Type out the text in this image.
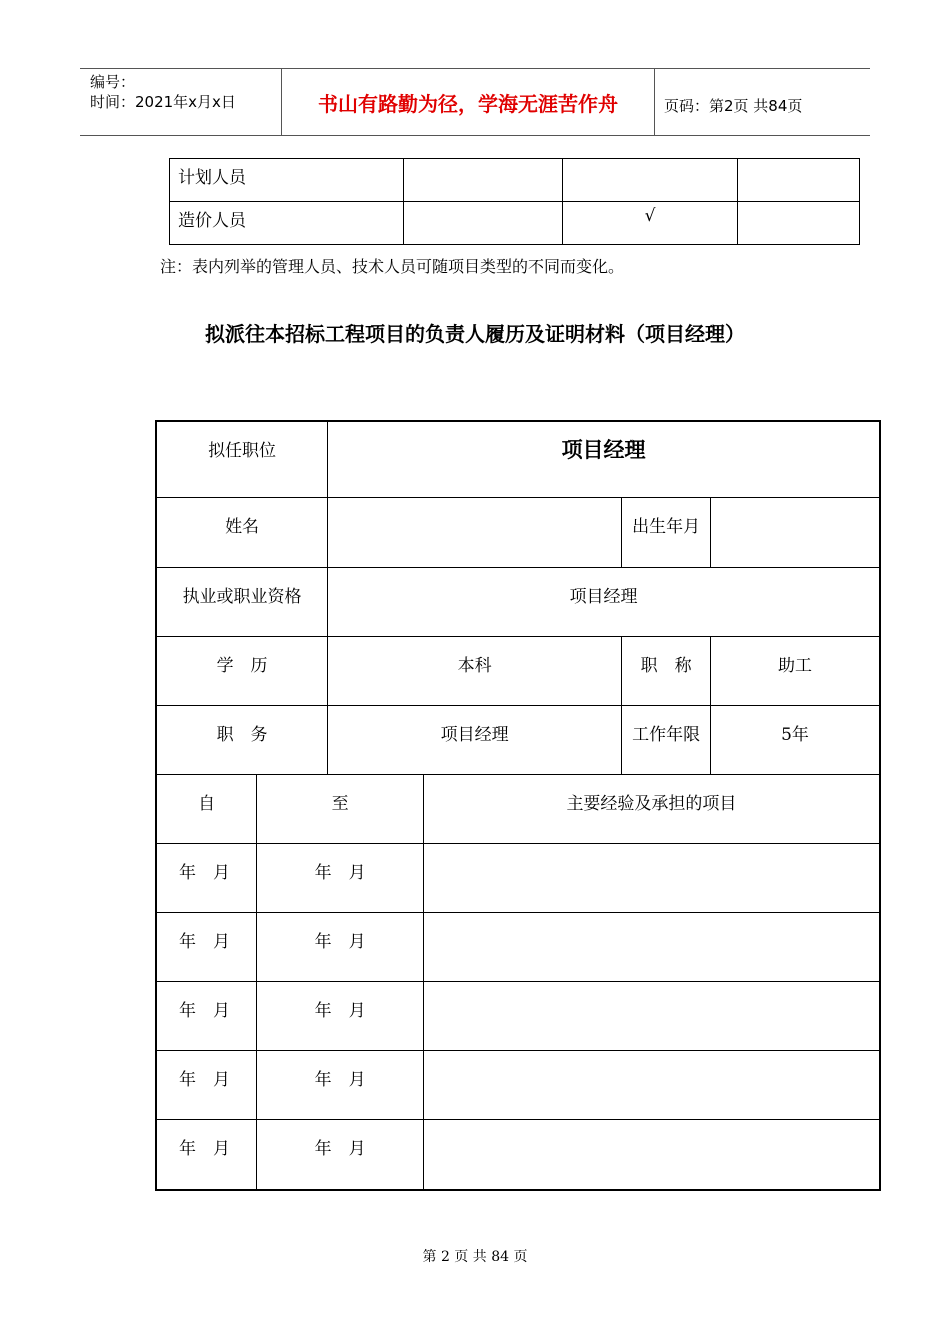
编号：
时间：2021年x月x日	书山有路勤为径，学海无涯苦作舟	页码：第2页 共84页
计划人员			
造价人员		√	
注：表内列举的管理人员、技术人员可随项目类型的不同而变化。
拟派往本招标工程项目的负责人履历及证明材料（项目经理）
拟任职位		项目经理			
姓名				出生年月	
执业或职业资格		项目经理			
学　历		本科		职　称	助工
职　务		项目经理		工作年限	5年
自	至		主要经验及承担的项目		
年　月	年　月				
年　月	年　月				
年　月	年　月				
年　月	年　月				
年　月	年　月				
第 2 页 共 84 页
